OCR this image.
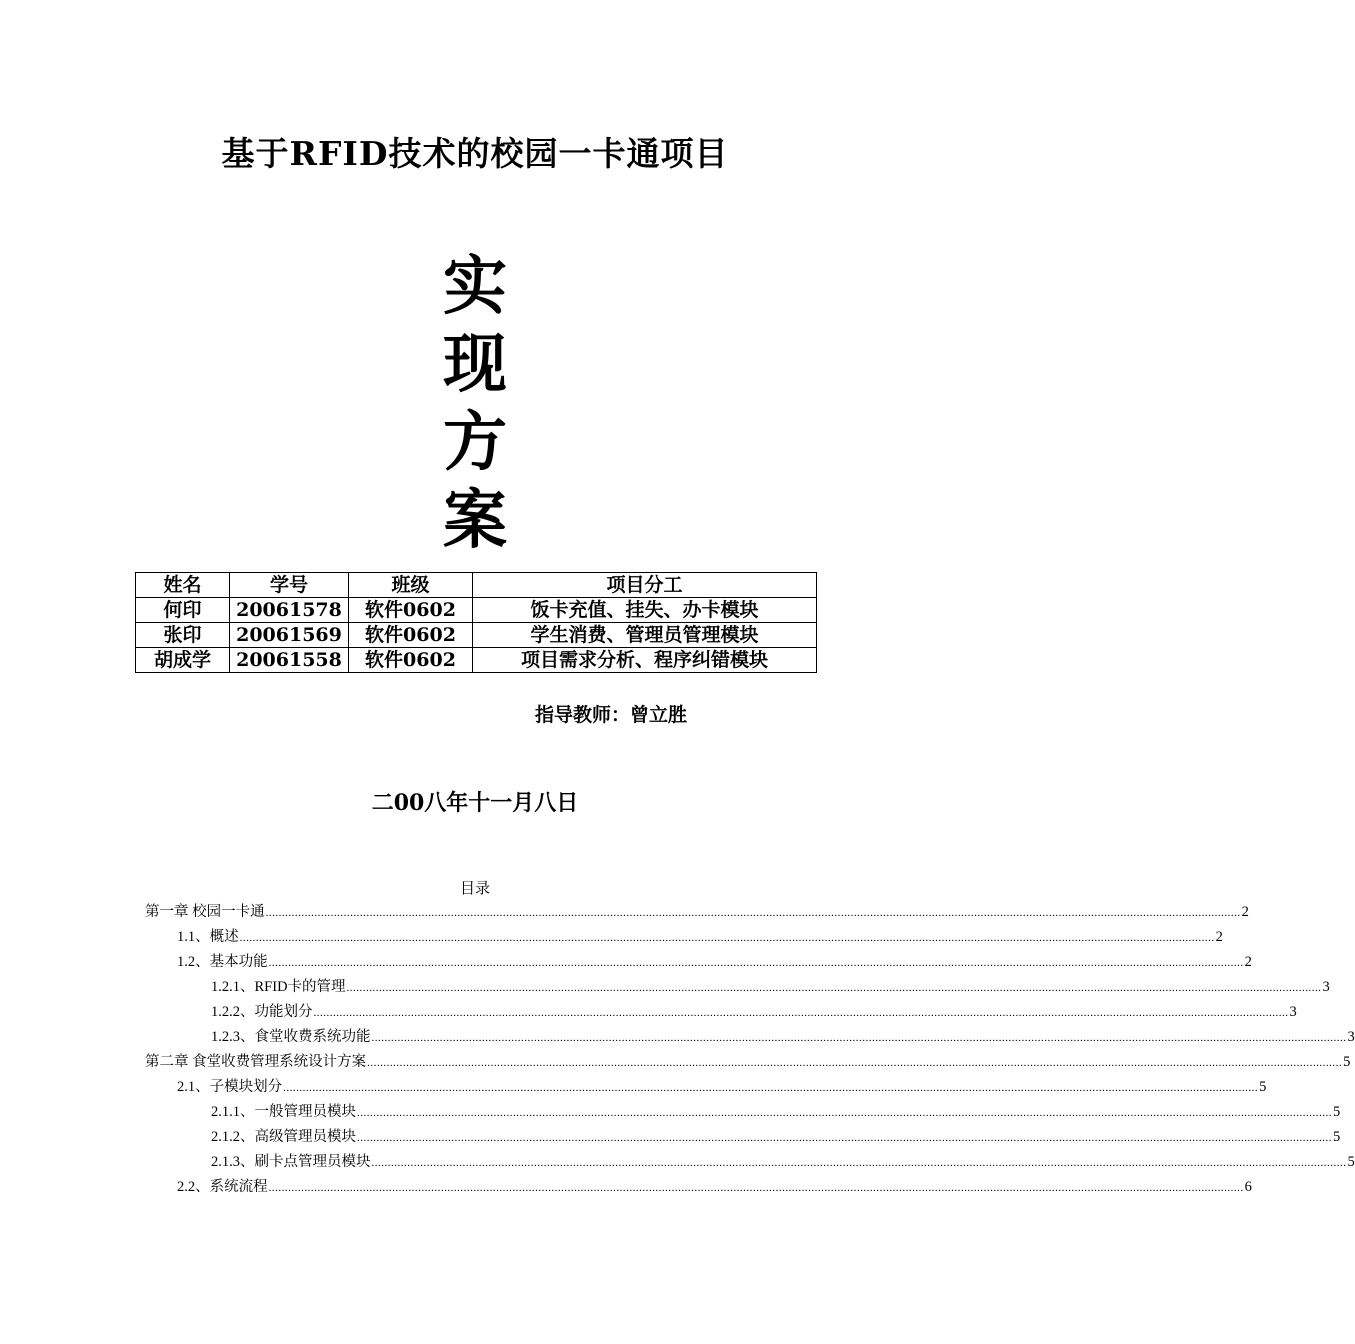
基于RFID技术的校园一卡通项目
实
现
方
案
姓名	学号	班级	项目分工
何印	20061578	软件0602	饭卡充值、挂失、办卡模块
张印	20061569	软件0602	学生消费、管理员管理模块
胡成学	20061558	软件0602	项目需求分析、程序纠错模块
指导教师：曾立胜
二00八年十一月八日
目录
第一章 校园一卡通 ............................................................................................................................................................................................................................................................................................................ 2
1.1、概述 ............................................................................................................................................................................................................................................................................................................ 2
1.2、基本功能 ............................................................................................................................................................................................................................................................................................................ 2
1.2.1、RFID卡的管理 ............................................................................................................................................................................................................................................................................................................ 3
1.2.2、功能划分 ............................................................................................................................................................................................................................................................................................................ 3
1.2.3、食堂收费系统功能 ............................................................................................................................................................................................................................................................................................................ 3
第二章 食堂收费管理系统设计方案 ............................................................................................................................................................................................................................................................................................................ 5
2.1、子模块划分 ............................................................................................................................................................................................................................................................................................................ 5
2.1.1、一般管理员模块 ............................................................................................................................................................................................................................................................................................................ 5
2.1.2、高级管理员模块 ............................................................................................................................................................................................................................................................................................................ 5
2.1.3、刷卡点管理员模块 ............................................................................................................................................................................................................................................................................................................ 5
2.2、系统流程 ............................................................................................................................................................................................................................................................................................................ 6
